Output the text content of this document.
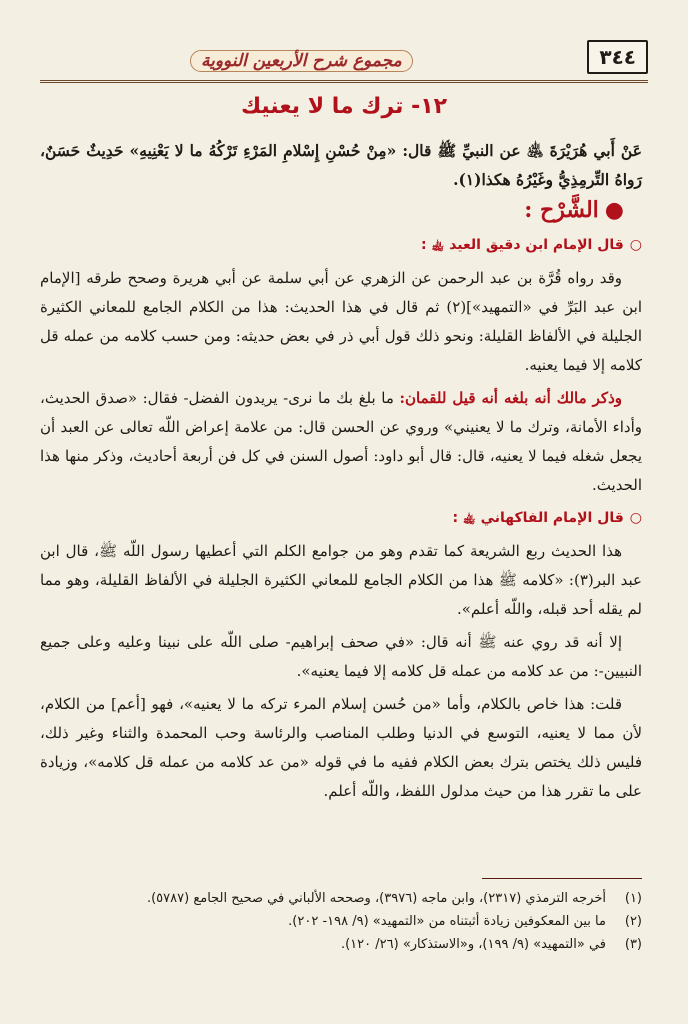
٣٤٤
مجموع شرح الأربعين النووية
١٢- ترك ما لا يعنيك
عَنْ أَبي هُرَيْرَةَ ﵁ عن النبيِّ ﷺ قال: «مِنْ حُسْنِ إِسْلامِ المَرْءِ تَرْكُهُ ما لا يَعْنِيهِ» حَدِيثٌ حَسَنٌ، رَواهُ التِّرمِذِيُّ وغَيْرُهُ هكذا(١).
●الشَّرْح :
○قال الإمام ابن دقيق العيد ﵀ :

وقد رواه قُرَّة بن عبد الرحمن عن الزهري عن أبي سلمة عن أبي هريرة وصحح طرقه [الإمام ابن عبد البَرِّ في «التمهيد»](٢) ثم قال في هذا الحديث: هذا من الكلام الجامع للمعاني الكثيرة الجليلة في الألفاظ القليلة: ونحو ذلك قول أبي ذر في بعض حديثه: ومن حسب كلامه من عمله قل كلامه إلا فيما يعنيه.

وذكر مالك أنه بلغه أنه قيل للقمان: ما بلغ بك ما نرى- يريدون الفضل- فقال: «صدق الحديث، وأداء الأمانة، وترك ما لا يعنيني» وروي عن الحسن قال: من علامة إعراض اللّه تعالى عن العبد أن يجعل شغله فيما لا يعنيه، قال: قال أبو داود: أصول السنن في كل فن أربعة أحاديث، وذكر منها هذا الحديث.

○قال الإمام الفاكهاني ﵀ :

هذا الحديث ربع الشريعة كما تقدم وهو من جوامع الكلم التي أعطيها رسول اللّه ﷺ، قال ابن عبد البر(٣): «كلامه ﷺ هذا من الكلام الجامع للمعاني الكثيرة الجليلة في الألفاظ القليلة، وهو مما لم يقله أحد قبله، واللّه أعلم».

إلا أنه قد روي عنه ﷺ أنه قال: «في صحف إبراهيم- صلى اللّه على نبينا وعليه وعلى جميع النبيين-: من عد كلامه من عمله قل كلامه إلا فيما يعنيه».

قلت: هذا خاص بالكلام، وأما «من حُسن إسلام المرء تركه ما لا يعنيه»، فهو [أعم] من الكلام، لأن مما لا يعنيه، التوسع في الدنيا وطلب المناصب والرئاسة وحب المحمدة والثناء وغير ذلك، فليس ذلك يختص بترك بعض الكلام ففيه ما في قوله «من عد كلامه من عمله قل كلامه»، وزيادة على ما تقرر هذا من حيث مدلول اللفظ، واللّه أعلم.

(١)
أخرجه الترمذي (٢٣١٧)، وابن ماجه (٣٩٧٦)، وصححه الألباني في صحيح الجامع (٥٧٨٧).
(٢)
ما بين المعكوفين زيادة أثبتناه من «التمهيد» (٩/ ١٩٨- ٢٠٢).
(٣)
في «التمهيد» (٩/ ١٩٩)، و«الاستذكار» (٢٦/ ١٢٠).
